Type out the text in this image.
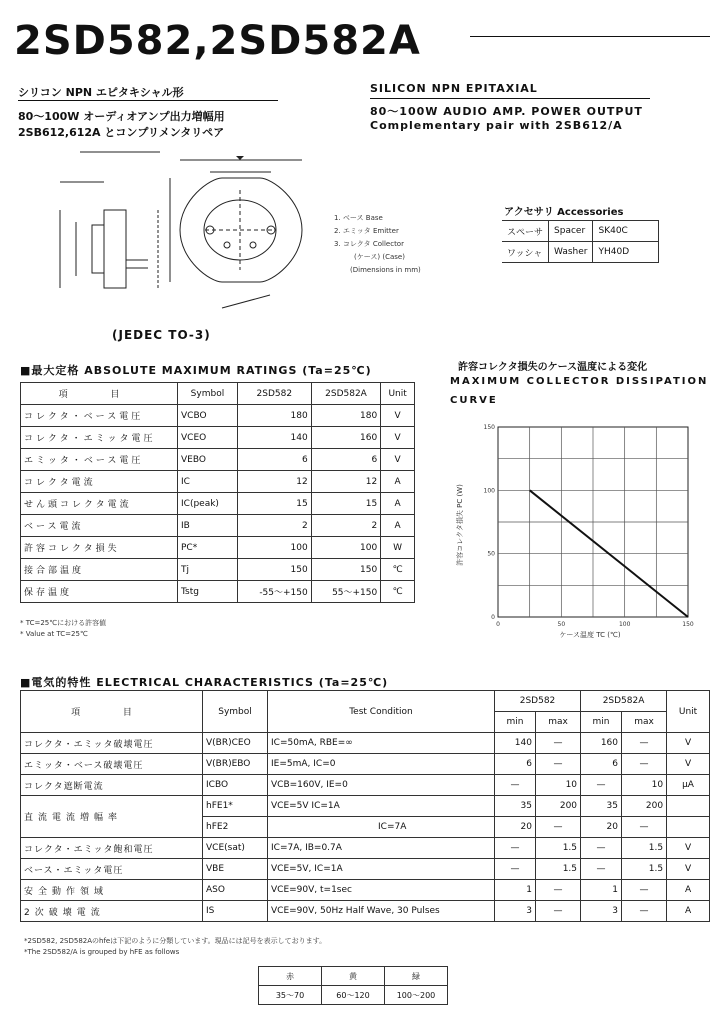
2SD582,2SD582A
シリコン NPN エピタキシャル形
80〜100W オーディオアンプ出力増幅用
2SB612,612A とコンプリメンタリペア
SILICON NPN EPITAXIAL
80〜100W AUDIO AMP. POWER OUTPUT
Complementary pair with 2SB612/A
(JEDEC TO-3)
1. ベース Base
2. エミッタ Emitter
3. コレクタ Collector
(ケース) (Case)
(Dimensions in mm)
アクセサリ Accessories
スペーサ	Spacer	SK40C
ワッシャ	Washer	YH40D
■最大定格 ABSOLUTE MAXIMUM RATINGS (Ta=25℃)
項 目	Symbol	2SD582	2SD582A	Unit
コレクタ・ベース電圧	VCBO	180	180	V
コレクタ・エミッタ電圧	VCEO	140	160	V
エミッタ・ベース電圧	VEBO	6	6	V
コレクタ電流	IC	12	12	A
せん頭コレクタ電流	IC(peak)	15	15	A
ベース電流	IB	2	2	A
許容コレクタ損失	PC*	100	100	W
接合部温度	Tj	150	150	℃
保存温度	Tstg	-55〜+150	55〜+150	℃
* TC=25℃における許容値
* Value at TC=25℃
許容コレクタ損失のケース温度による変化
MAXIMUM COLLECTOR DISSIPATION
CURVE
0	50	100	150
0
50
100
150
ケース温度 TC (℃)
許容コレクタ損失 PC (W)
■電気的特性 ELECTRICAL CHARACTERISTICS (Ta=25℃)
項 目	Symbol	Test Condition	2SD582		2SD582A		Unit
			min	max	min	max	
コレクタ・エミッタ破壊電圧	V(BR)CEO	IC=50mA, RBE=∞	140	—	160	—	V
エミッタ・ベース破壊電圧	V(BR)EBO	IE=5mA, IC=0	6	—	6	—	V
コレクタ遮断電流	ICBO	VCB=160V, IE=0	—	10	—	10	μA
直流電流増幅率	hFE1*	VCE=5V IC=1A	35	200	35	200	
	hFE2	IC=7A	20	—	20	—	
コレクタ・エミッタ飽和電圧	VCE(sat)	IC=7A, IB=0.7A	—	1.5	—	1.5	V
ベース・エミッタ電圧	VBE	VCE=5V, IC=1A	—	1.5	—	1.5	V
安全動作領域	ASO	VCE=90V, t=1sec	1	—	1	—	A
2次破壊電流	IS	VCE=90V, 50Hz Half Wave, 30 Pulses	3	—	3	—	A
*2SD582, 2SD582Aのhfeは下記のように分類しています。現品には記号を表示しております。
*The 2SD582/A is grouped by hFE as follows
赤	黄	緑
35〜70	60〜120	100〜200
